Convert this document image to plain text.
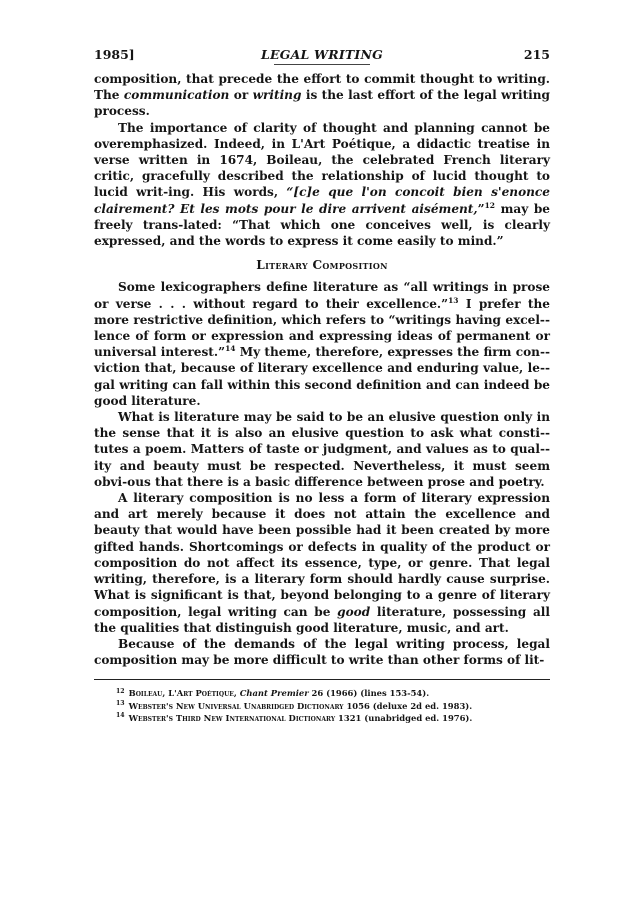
1985]	LEGAL WRITING	215

composition, that precede the effort to commit thought to writing. The communication or writing is the last effort of the legal writing process.

The importance of clarity of thought and planning cannot be overemphasized. Indeed, in L'Art Poétique, a didactic treatise in verse written in 1674, Boileau, the celebrated French literary critic, gracefully described the relationship of lucid thought to lucid writ-ing. His words, “[c]e que l'on concoit bien s'enonce clairement? Et les mots pour le dire arrivent aisément,”$^{12}$ may be freely trans-lated: “That which one conceives well, is clearly expressed, and the words to express it come easily to mind.”

Literary Composition

Some lexicographers define literature as “all writings in prose or verse . . . without regard to their excellence.”$^{13}$ I prefer the more restrictive definition, which refers to “writings having excel-lence of form or expression and expressing ideas of permanent or universal interest.”$^{14}$ My theme, therefore, expresses the firm con-viction that, because of literary excellence and enduring value, le-gal writing can fall within this second definition and can indeed be good literature.

What is literature may be said to be an elusive question only in the sense that it is also an elusive question to ask what consti-tutes a poem. Matters of taste or judgment, and values as to qual-ity and beauty must be respected. Nevertheless, it must seem obvi-ous that there is a basic difference between prose and poetry.

A literary composition is no less a form of literary expression and art merely because it does not attain the excellence and beauty that would have been possible had it been created by more gifted hands. Shortcomings or defects in quality of the product or composition do not affect its essence, type, or genre. That legal writing, therefore, is a literary form should hardly cause surprise. What is significant is that, beyond belonging to a genre of literary composition, legal writing can be good literature, possessing all the qualities that distinguish good literature, music, and art.

Because of the demands of the legal writing process, legal composition may be more difficult to write than other forms of lit-

$^{12}$ Boileau, L'Art Poétique, Chant Premier 26 (1966) (lines 153-54).
$^{13}$ Webster's New Universal Unabridged Dictionary 1056 (deluxe 2d ed. 1983).
$^{14}$ Webster's Third New International Dictionary 1321 (unabridged ed. 1976).
